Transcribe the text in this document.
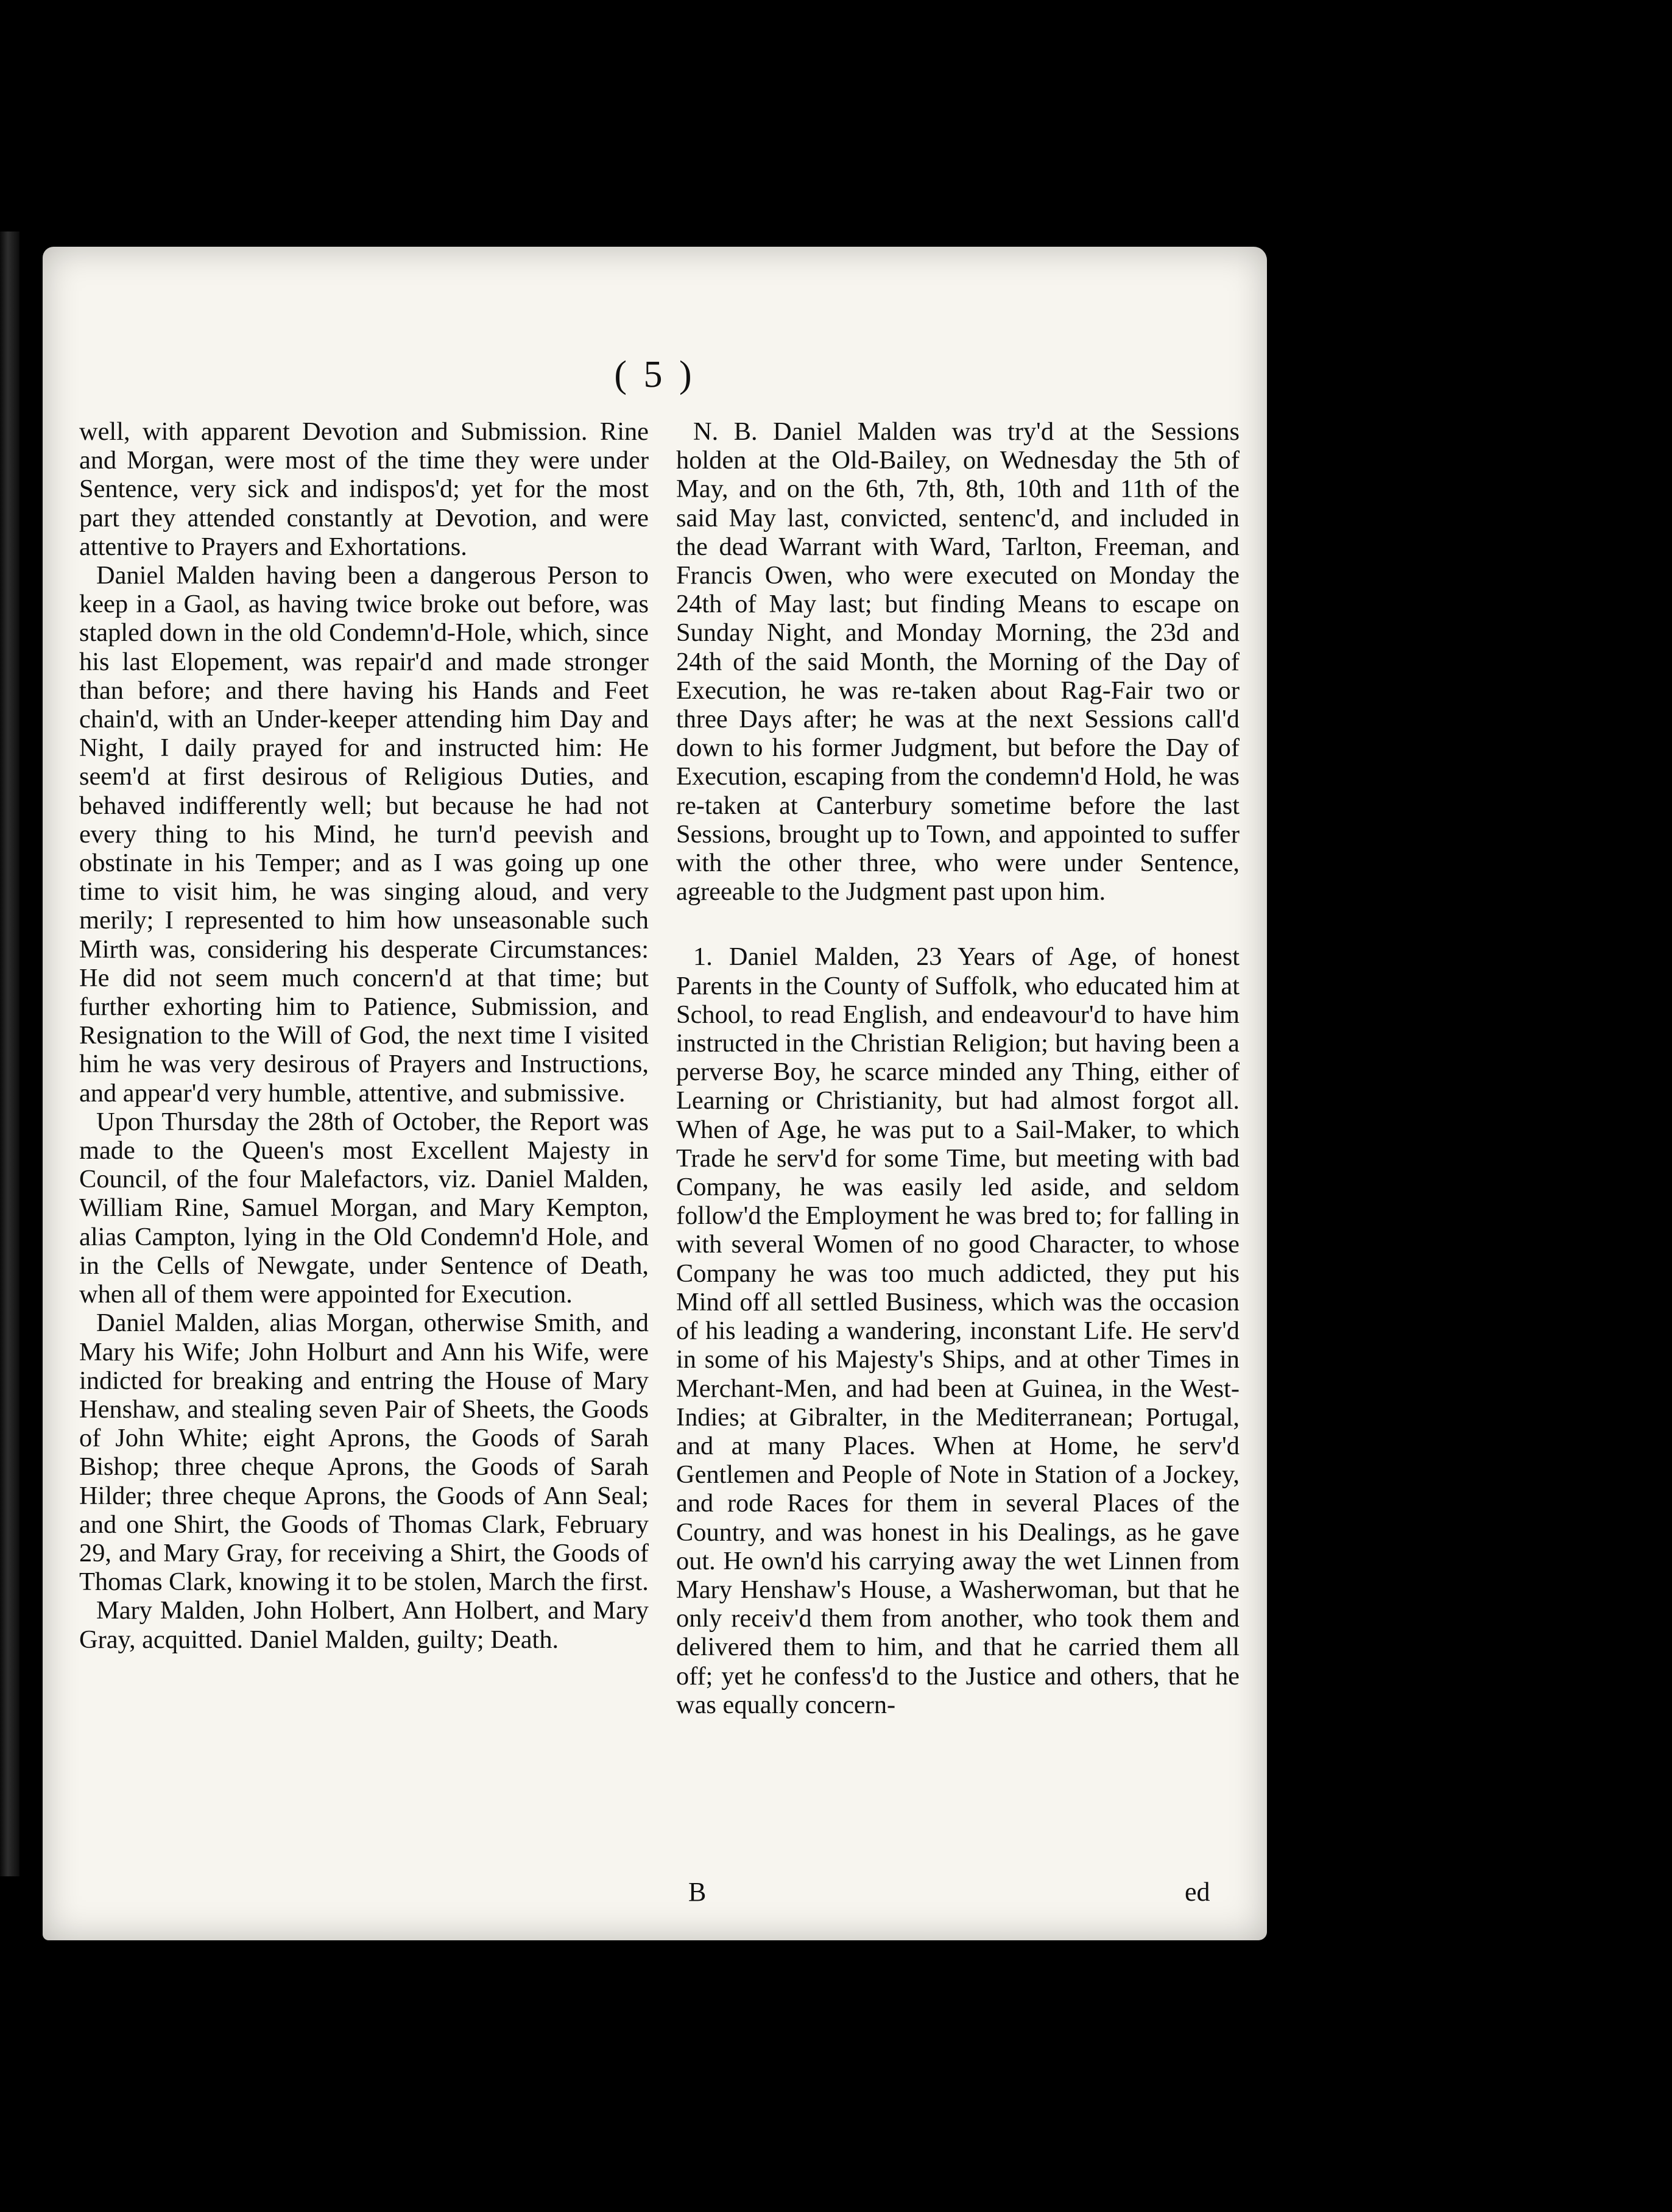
( 5 )

well, with apparent Devotion and Submission. Rine and Morgan, were most of the time they were under Sentence, very sick and indispos'd; yet for the most part they attended constantly at Devotion, and were attentive to Prayers and Exhortations.

Daniel Malden having been a dangerous Person to keep in a Gaol, as having twice broke out before, was stapled down in the old Condemn'd-Hole, which, since his last Elopement, was repair'd and made stronger than before; and there having his Hands and Feet chain'd, with an Under-keeper attending him Day and Night, I daily prayed for and instructed him: He seem'd at first desirous of Religious Duties, and behaved indifferently well; but because he had not every thing to his Mind, he turn'd peevish and obstinate in his Temper; and as I was going up one time to visit him, he was singing aloud, and very merily; I represented to him how unseasonable such Mirth was, considering his desperate Circumstances: He did not seem much concern'd at that time; but further exhorting him to Patience, Submission, and Resignation to the Will of God, the next time I visited him he was very desirous of Prayers and Instructions, and appear'd very humble, attentive, and submissive.

Upon Thursday the 28th of October, the Report was made to the Queen's most Excellent Majesty in Council, of the four Malefactors, viz. Daniel Malden, William Rine, Samuel Morgan, and Mary Kempton, alias Campton, lying in the Old Condemn'd Hole, and in the Cells of Newgate, under Sentence of Death, when all of them were appointed for Execution.

Daniel Malden, alias Morgan, otherwise Smith, and Mary his Wife; John Holburt and Ann his Wife, were indicted for breaking and entring the House of Mary Henshaw, and stealing seven Pair of Sheets, the Goods of John White; eight Aprons, the Goods of Sarah Bishop; three cheque Aprons, the Goods of Sarah Hilder; three cheque Aprons, the Goods of Ann Seal; and one Shirt, the Goods of Thomas Clark, February 29, and Mary Gray, for receiving a Shirt, the Goods of Thomas Clark, knowing it to be stolen, March the first.

Mary Malden, John Holbert, Ann Holbert, and Mary Gray, acquitted. Daniel Malden, guilty; Death.

N. B. Daniel Malden was try'd at the Sessions holden at the Old-Bailey, on Wednesday the 5th of May, and on the 6th, 7th, 8th, 10th and 11th of the said May last, convicted, sentenc'd, and included in the dead Warrant with Ward, Tarlton, Freeman, and Francis Owen, who were executed on Monday the 24th of May last; but finding Means to escape on Sunday Night, and Monday Morning, the 23d and 24th of the said Month, the Morning of the Day of Execution, he was re-taken about Rag-Fair two or three Days after; he was at the next Sessions call'd down to his former Judgment, but before the Day of Execution, escaping from the condemn'd Hold, he was re-taken at Canterbury sometime before the last Sessions, brought up to Town, and appointed to suffer with the other three, who were under Sentence, agreeable to the Judgment past upon him.

1. Daniel Malden, 23 Years of Age, of honest Parents in the County of Suffolk, who educated him at School, to read English, and endeavour'd to have him instructed in the Christian Religion; but having been a perverse Boy, he scarce minded any Thing, either of Learning or Christianity, but had almost forgot all. When of Age, he was put to a Sail-Maker, to which Trade he serv'd for some Time, but meeting with bad Company, he was easily led aside, and seldom follow'd the Employment he was bred to; for falling in with several Women of no good Character, to whose Company he was too much addicted, they put his Mind off all settled Business, which was the occasion of his leading a wandering, inconstant Life. He serv'd in some of his Majesty's Ships, and at other Times in Merchant-Men, and had been at Guinea, in the West-Indies; at Gibralter, in the Mediterranean; Portugal, and at many Places. When at Home, he serv'd Gentlemen and People of Note in Station of a Jockey, and rode Races for them in several Places of the Country, and was honest in his Dealings, as he gave out. He own'd his carrying away the wet Linnen from Mary Henshaw's House, a Washerwoman, but that he only receiv'd them from another, who took them and delivered them to him, and that he carried them all off; yet he confess'd to the Justice and others, that he was equally concern-

B	ed
